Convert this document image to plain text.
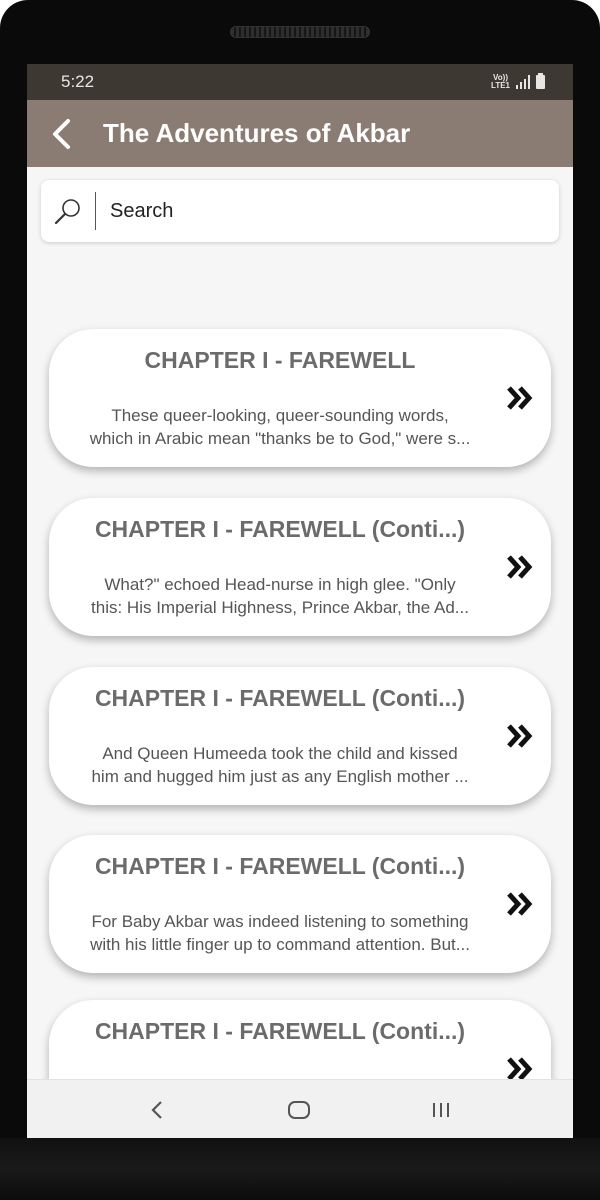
5:22	Vo))
LTE1
The Adventures of Akbar
Search
CHAPTER I - FAREWELL
These queer-looking, queer-sounding words,
which in Arabic mean "thanks be to God," were s...
CHAPTER I - FAREWELL (Conti...)
What?" echoed Head-nurse in high glee. "Only
this: His Imperial Highness, Prince Akbar, the Ad...
CHAPTER I - FAREWELL (Conti...)
And Queen Humeeda took the child and kissed
him and hugged him just as any English mother ...
CHAPTER I - FAREWELL (Conti...)
For Baby Akbar was indeed listening to something
with his little finger up to command attention. But...
CHAPTER I - FAREWELL (Conti...)
